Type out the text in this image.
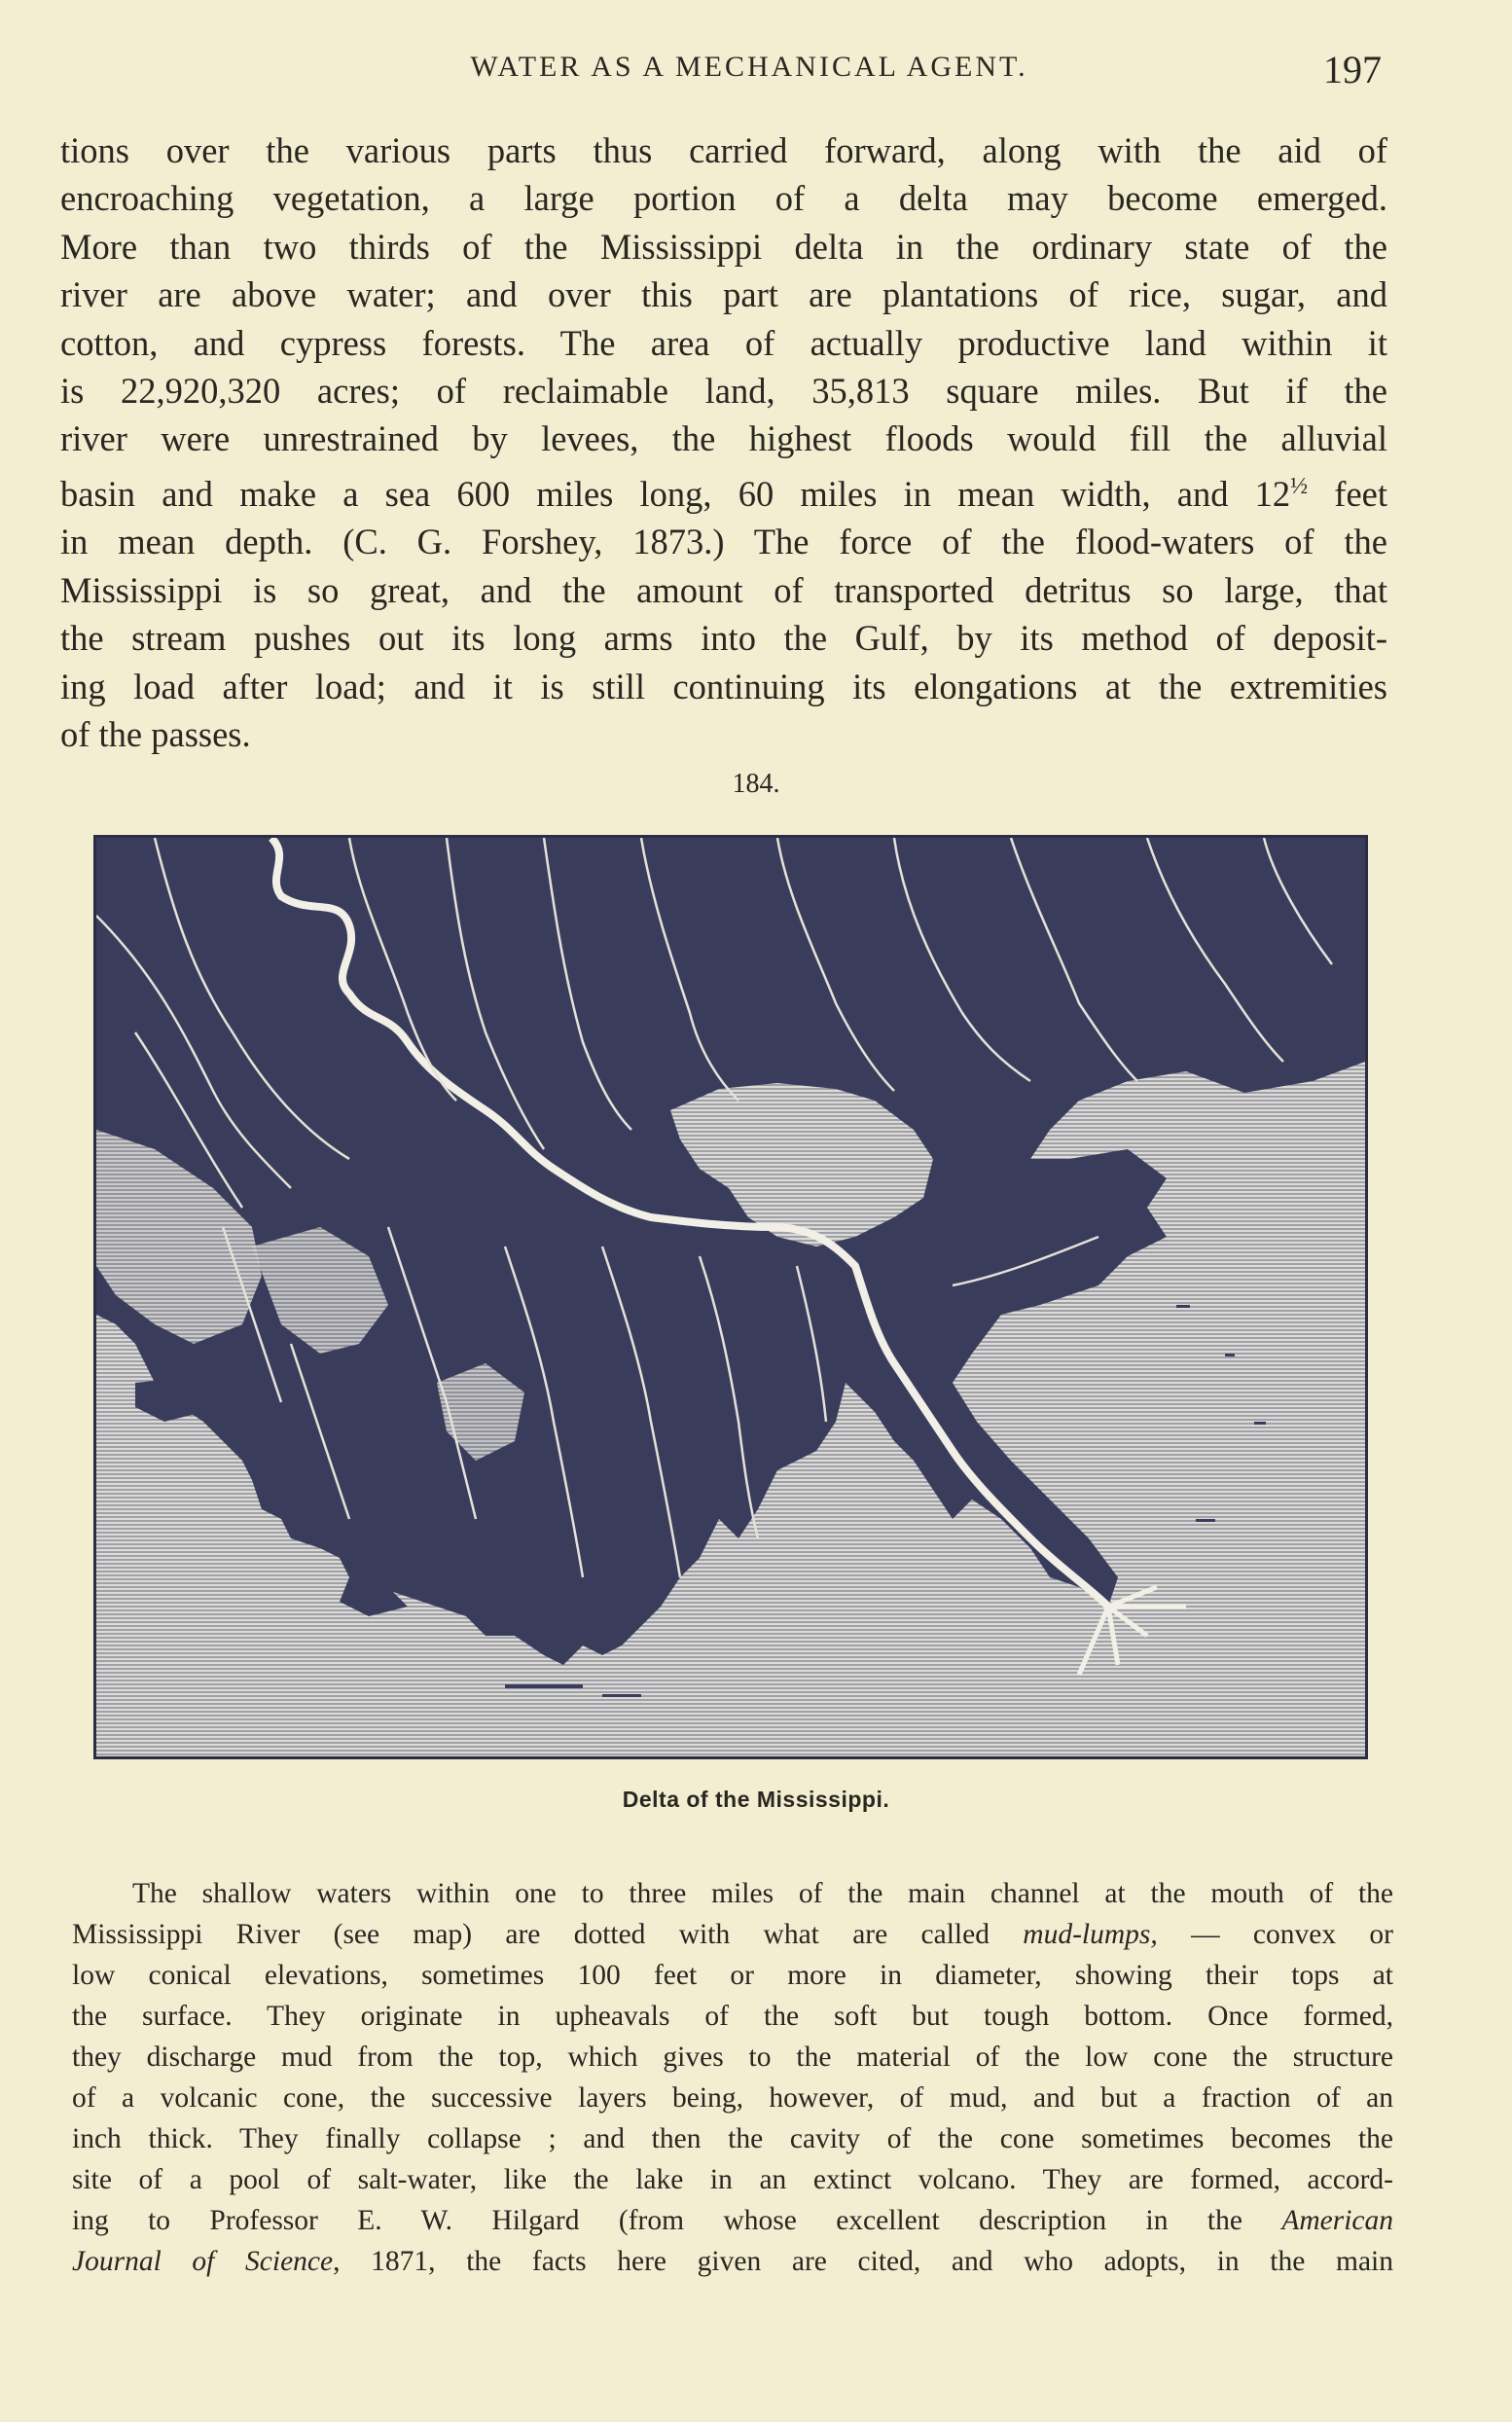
WATER AS A MECHANICAL AGENT.	197

tions over the various parts thus carried forward, along with the aid of
encroaching vegetation, a large portion of a delta may become emerged.
More than two thirds of the Mississippi delta in the ordinary state of the
river are above water; and over this part are plantations of rice, sugar, and
cotton, and cypress forests. The area of actually productive land within it
is 22,920,320 acres; of reclaimable land, 35,813 square miles. But if the
river were unrestrained by levees, the highest floods would fill the alluvial
basin and make a sea 600 miles long, 60 miles in mean width, and $12^{\frac{1}{2}}$ feet
in mean depth. (C. G. Forshey, 1873.) The force of the flood-waters of the
Mississippi is so great, and the amount of transported detritus so large, that
the stream pushes out its long arms into the Gulf, by its method of deposit-
ing load after load; and it is still continuing its elongations at the extremities
of the passes.

184.
Delta of the Mississippi.

The shallow waters within one to three miles of the main channel at the mouth of the
Mississippi River (see map) are dotted with what are called mud-lumps, — convex or
low conical elevations, sometimes 100 feet or more in diameter, showing their tops at
the surface. They originate in upheavals of the soft but tough bottom. Once formed,
they discharge mud from the top, which gives to the material of the low cone the structure
of a volcanic cone, the successive layers being, however, of mud, and but a fraction of an
inch thick. They finally collapse ; and then the cavity of the cone sometimes becomes the
site of a pool of salt-water, like the lake in an extinct volcano. They are formed, accord-
ing to Professor E. W. Hilgard (from whose excellent description in the American
Journal of Science, 1871, the facts here given are cited, and who adopts, in the main
